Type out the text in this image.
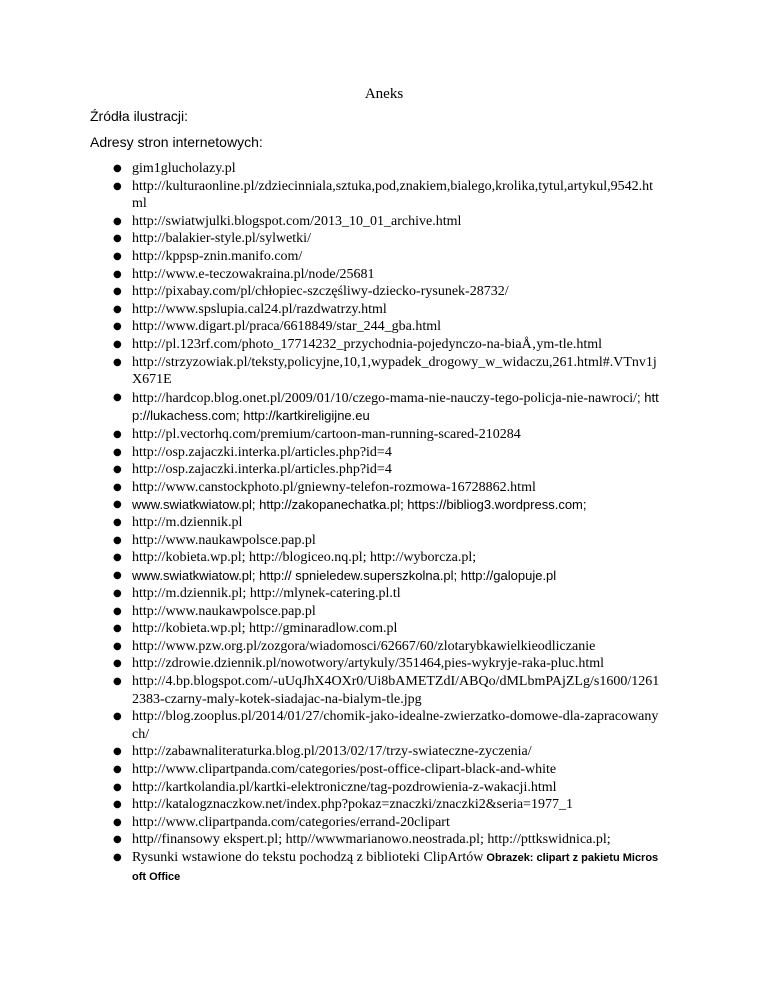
Aneks
Źródła ilustracji:
Adresy stron internetowych:
● gim1glucholazy.pl
● http://kulturaonline.pl/zdziecinniala,sztuka,pod,znakiem,bialego,krolika,tytul,artykul,9542.html
● http://swiatwjulki.blogspot.com/2013_10_01_archive.html
● http://balakier-style.pl/sylwetki/
● http://kppsp-znin.manifo.com/
● http://www.e-teczowakraina.pl/node/25681
● http://pixabay.com/pl/chłopiec-szczęśliwy-dziecko-rysunek-28732/
● http://www.spslupia.cal24.pl/razdwatrzy.html
● http://www.digart.pl/praca/6618849/star_244_gba.html
● http://pl.123rf.com/photo_17714232_przychodnia-pojedynczo-na-biaÅ‚ym-tle.html
● http://strzyzowiak.pl/teksty,policyjne,10,1,wypadek_drogowy_w_widaczu,261.html#.VTnv1jX671E
● http://hardcop.blog.onet.pl/2009/01/10/czego-mama-nie-nauczy-tego-policja-nie-nawroci/; http://lukachess.com; http://kartkireligijne.eu
● http://pl.vectorhq.com/premium/cartoon-man-running-scared-210284
● http://osp.zajaczki.interka.pl/articles.php?id=4
● http://osp.zajaczki.interka.pl/articles.php?id=4
● http://www.canstockphoto.pl/gniewny-telefon-rozmowa-16728862.html
● www.swiatkwiatow.pl; http://zakopanechatka.pl; https://bibliog3.wordpress.com;
● http://m.dziennik.pl
● http://www.naukawpolsce.pap.pl
● http://kobieta.wp.pl; http://blogiceo.nq.pl; http://wyborcza.pl;
● www.swiatkwiatow.pl; http:// spnieledew.superszkolna.pl; http://galopuje.pl
● http://m.dziennik.pl; http://mlynek-catering.pl.tl
● http://www.naukawpolsce.pap.pl
● http://kobieta.wp.pl; http://gminaradlow.com.pl
● http://www.pzw.org.pl/zozgora/wiadomosci/62667/60/zlotarybkawielkieodliczanie
● http://zdrowie.dziennik.pl/nowotwory/artykuly/351464,pies-wykryje-raka-pluc.html
● http://4.bp.blogspot.com/-uUqJhX4OXr0/Ui8bAMETZdI/ABQo/dMLbmPAjZLg/s1600/12612383-czarny-maly-kotek-siadajac-na-bialym-tle.jpg
● http://blog.zooplus.pl/2014/01/27/chomik-jako-idealne-zwierzatko-domowe-dla-zapracowanych/
● http://zabawnaliteraturka.blog.pl/2013/02/17/trzy-swiateczne-zyczenia/
● http://www.clipartpanda.com/categories/post-office-clipart-black-and-white
● http://kartkolandia.pl/kartki-elektroniczne/tag-pozdrowienia-z-wakacji.html
● http://katalogznaczkow.net/index.php?pokaz=znaczki/znaczki2&seria=1977_1
● http://www.clipartpanda.com/categories/errand-20clipart
● http//finansowy ekspert.pl; http//wwwmarianowo.neostrada.pl; http://pttkswidnica.pl;
● Rysunki wstawione do tekstu pochodzą z biblioteki ClipArtów Obrazek: clipart z pakietu Microsoft Office
